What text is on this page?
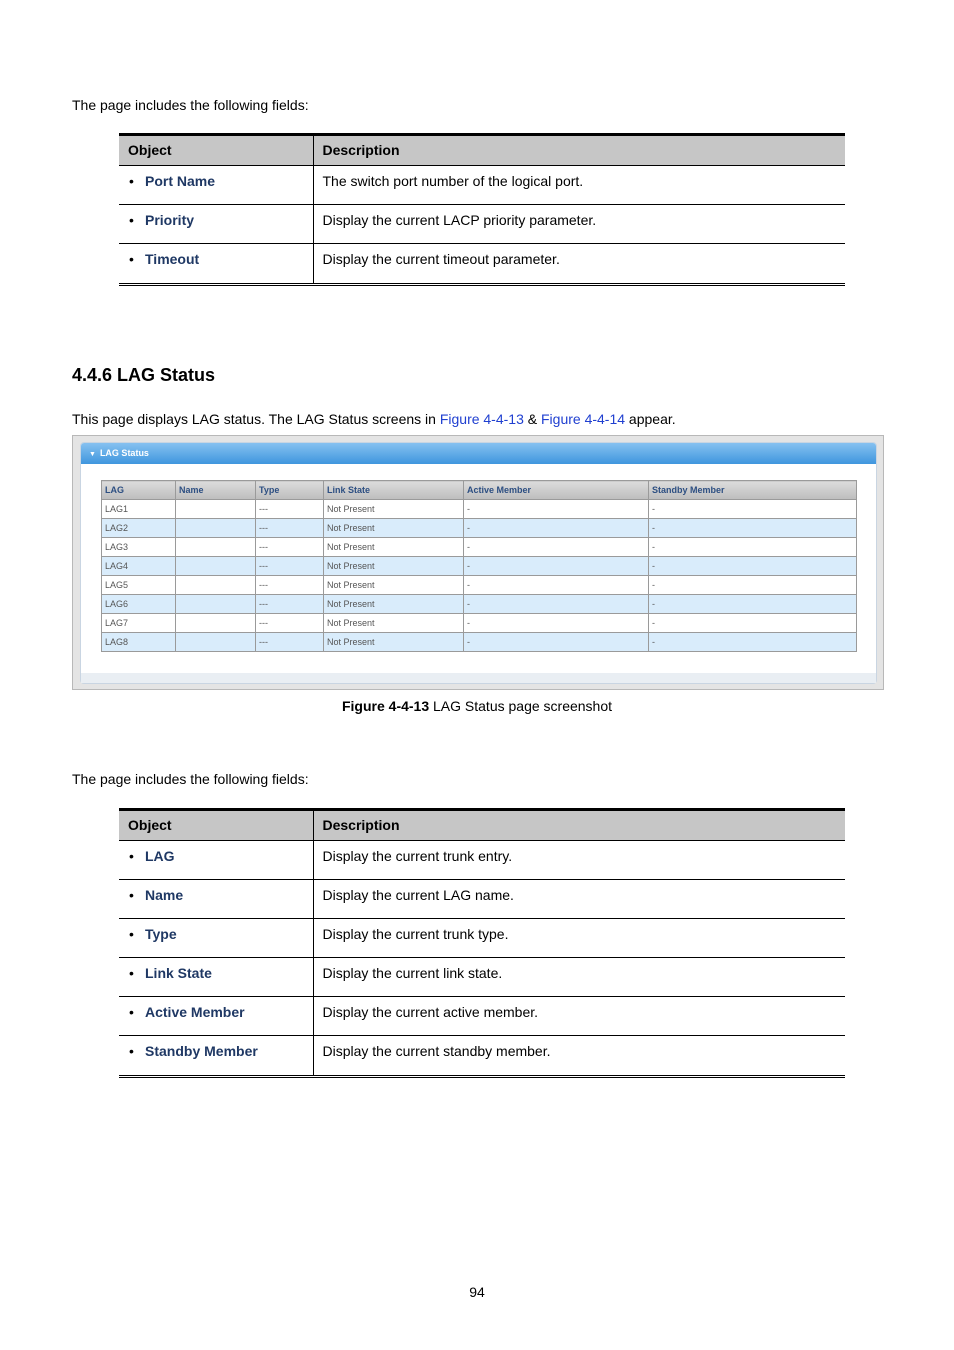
The page includes the following fields:

Object	Description
• Port Name	The switch port number of the logical port.
• Priority	Display the current LACP priority parameter.
• Timeout	Display the current timeout parameter.
4.4.6 LAG Status
This page displays LAG status. The LAG Status screens in Figure 4-4-13 & Figure 4-4-14 appear.
▼ LAG Status
LAG	Name	Type	Link State	Active Member	Standby Member
LAG1		---	Not Present	-	-
LAG2		---	Not Present	-	-
LAG3		---	Not Present	-	-
LAG4		---	Not Present	-	-
LAG5		---	Not Present	-	-
LAG6		---	Not Present	-	-
LAG7		---	Not Present	-	-
LAG8		---	Not Present	-	-
Figure 4-4-13 LAG Status page screenshot
The page includes the following fields:

Object	Description
• LAG	Display the current trunk entry.
• Name	Display the current LAG name.
• Type	Display the current trunk type.
• Link State	Display the current link state.
• Active Member	Display the current active member.
• Standby Member	Display the current standby member.
94
